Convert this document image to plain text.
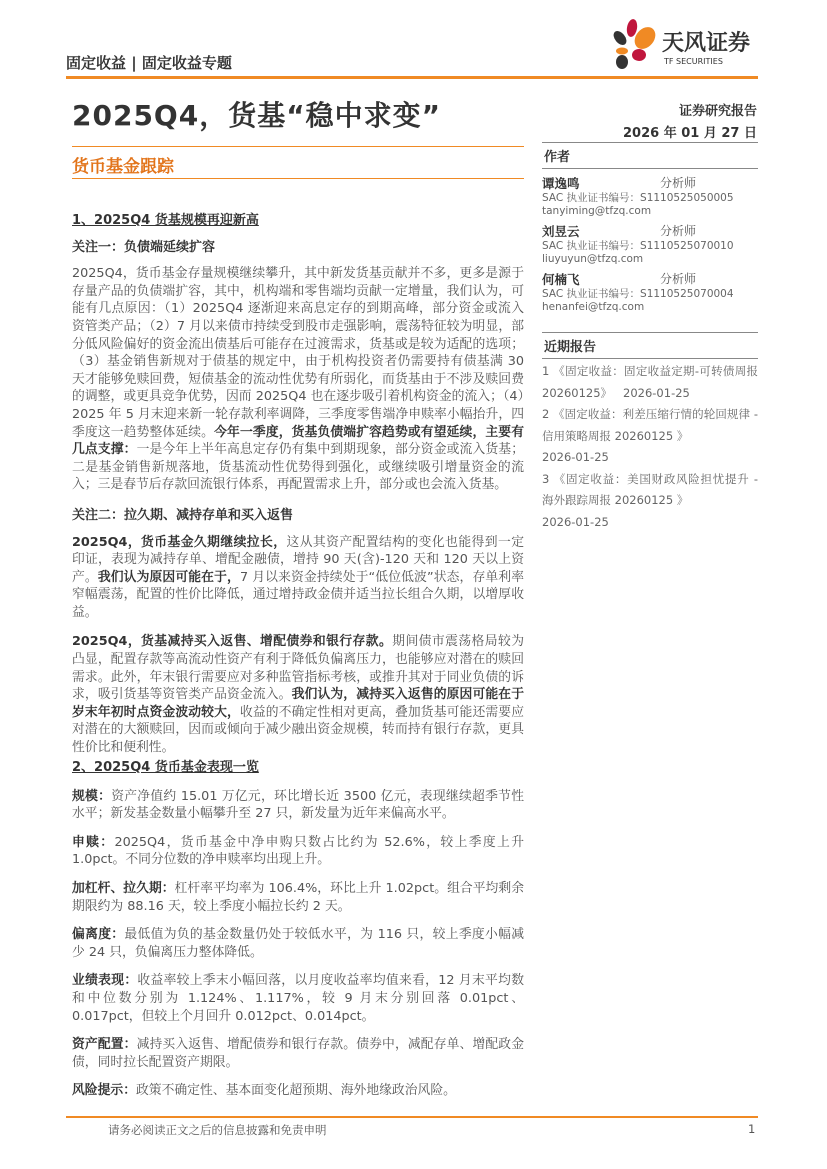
固定收益 | 固定收益专题
天风证券
TF SECURITIES
2025Q4，货基“稳中求变”	证券研究报告
2026 年 01 月 27 日
货币基金跟踪
1、2025Q4 货基规模再迎新高
关注一：负债端延续扩容

2025Q4，货币基金存量规模继续攀升，其中新发货基贡献并不多，更多是源于存量产品的负债端扩容，其中，机构端和零售端均贡献一定增量，我们认为，可能有几点原因：（1）2025Q4 逐渐迎来高息定存的到期高峰，部分资金或流入资管类产品；（2）7 月以来债市持续受到股市走强影响，震荡特征较为明显，部分低风险偏好的资金流出债基后可能存在过渡需求，货基或是较为适配的选项；（3）基金销售新规对于债基的规定中，由于机构投资者仍需要持有债基满 30 天才能够免赎回费，短债基金的流动性优势有所弱化，而货基由于不涉及赎回费的调整，或更具竞争优势，因而 2025Q4 也在逐步吸引着机构资金的流入；（4）2025 年 5 月末迎来新一轮存款利率调降，三季度零售端净申赎率小幅抬升，四季度这一趋势整体延续。今年一季度，货基负债端扩容趋势或有望延续，主要有几点支撑：一是今年上半年高息定存仍有集中到期现象，部分资金或流入货基；二是基金销售新规落地，货基流动性优势得到强化，或继续吸引增量资金的流入；三是春节后存款回流银行体系，再配置需求上升，部分或也会流入货基。

关注二：拉久期、减持存单和买入返售

2025Q4，货币基金久期继续拉长，这从其资产配置结构的变化也能得到一定印证，表现为减持存单、增配金融债，增持 90 天(含)-120 天和 120 天以上资产。我们认为原因可能在于，7 月以来资金持续处于“低位低波”状态，存单利率窄幅震荡，配置的性价比降低，通过增持政金债并适当拉长组合久期，以增厚收益。

2025Q4，货基减持买入返售、增配债券和银行存款。期间债市震荡格局较为凸显，配置存款等高流动性资产有利于降低负偏离压力，也能够应对潜在的赎回需求。此外，年末银行需要应对多种监管指标考核，或推升其对于同业负债的诉求，吸引货基等资管类产品资金流入。我们认为，减持买入返售的原因可能在于岁末年初时点资金波动较大，收益的不确定性相对更高，叠加货基可能还需要应对潜在的大额赎回，因而或倾向于减少融出资金规模，转而持有银行存款，更具性价比和便利性。

2、2025Q4 货币基金表现一览

规模：资产净值约 15.01 万亿元，环比增长近 3500 亿元，表现继续超季节性水平；新发基金数量小幅攀升至 27 只，新发量为近年来偏高水平。

申赎：2025Q4，货币基金中净申购只数占比约为 52.6%，较上季度上升 1.0pct。不同分位数的净申赎率均出现上升。

加杠杆、拉久期：杠杆率平均率为 106.4%，环比上升 1.02pct。组合平均剩余期限约为 88.16 天，较上季度小幅拉长约 2 天。

偏离度：最低值为负的基金数量仍处于较低水平，为 116 只，较上季度小幅减少 24 只，负偏离压力整体降低。

业绩表现：收益率较上季末小幅回落，以月度收益率均值来看，12 月末平均数和中位数分别为 1.124%、1.117%，较 9 月末分别回落 0.01pct、0.017pct，但较上个月回升 0.012pct、0.014pct。

资产配置：减持买入返售、增配债券和银行存款。债券中，减配存单、增配政金债，同时拉长配置资产期限。

风险提示：政策不确定性、基本面变化超预期、海外地缘政治风险。

作者
谭逸鸣	分析师
SAC 执业证书编号：S1110525050005
tanyiming@tfzq.com
刘昱云	分析师
SAC 执业证书编号：S1110525070010
liuyuyun@tfzq.com
何楠飞	分析师
SAC 执业证书编号：S1110525070004
henanfei@tfzq.com
近期报告
1 《固定收益：固定收益定期-可转债周报 20260125》 2026-01-25
2 《固定收益：利差压缩行情的轮回规律 - 信用策略周报 20260125 》
2026-01-25
3 《固定收益：美国财政风险担忧提升 - 海外跟踪周报 20260125 》
2026-01-25
请务必阅读正文之后的信息披露和免责申明	1
